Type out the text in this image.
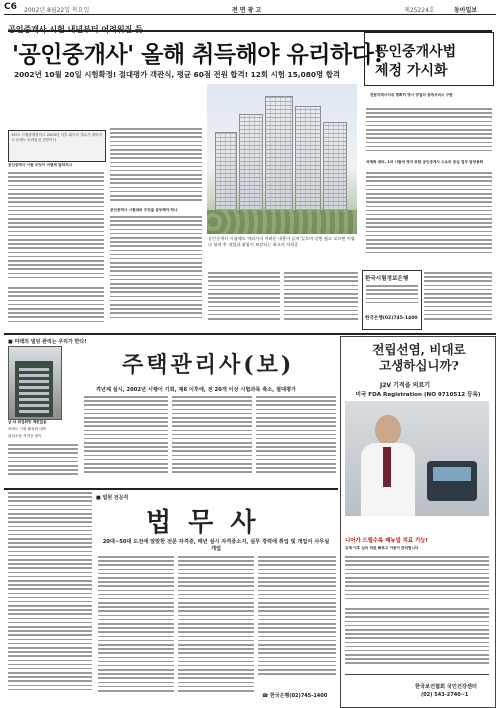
C6 2002년 8월22일 목요일	전면광고	제25224호	동아일보
'공인중개사' 올해 취득해야 유리하다!
2002년 10월 20일 시험확정! 절대평가 객관식, 평균 60점 전원 합격! 12회 시험 15,080명 합격
공인중개사법
제정 가시화
전문자격사지위 명확히 명시 양질의 중개서비스 구현
1971 시행령개정하고 2003년 이후 회독의 갯수가 많아지고 문제도 어려워질 전망이다
공인중개사 시험 무엇이 어떻게 달라지나
공인중개사 시험대비 무엇을 공부해야 하나
공인중개사 시험에도 여러가지 어려운 내용이 들어 있으며 알면 쉽고 모르면 어렵다 합격 후 개업과 취업이 보장되는 최고의 자격증
국제화 대비, 1차 시험에 영어 포함 공인중개사 수요의 증심 업무 담당용화
한국시험정보은행
한국은행(02)745-1400
■ 미래의 빌딩 관리는 우리가 한다!
주택관리사(보)
격년제 실시, 2002년 시행이 기회, 제6 이후에, 전 20개 이상 시험과목 축소, 절대평가
남·녀 취업희망 제한없음
아파트 시장 활성화 대비
관리소장 자격증 취득
전립선염, 비대로
고생하십니까?
J2V 기적을 의료기
미국 FDA Registration (NO 9710512 등록)
니어가 드릴수록 매뉴얼 치료 기능!
유세 이후 심의 따끔 빠르고 이용이 편리합니다
한국보건협회 국민건강센터
(02) 543-2740~1
■ 법원 전문직
법 무 사
20대~50대 도전에 알맞한 전문 자격증, 매년 실시 자격증소지, 실무 경력에 취업 및 개업이 사무실 개업
☎ 한국은행(02)745-1400
